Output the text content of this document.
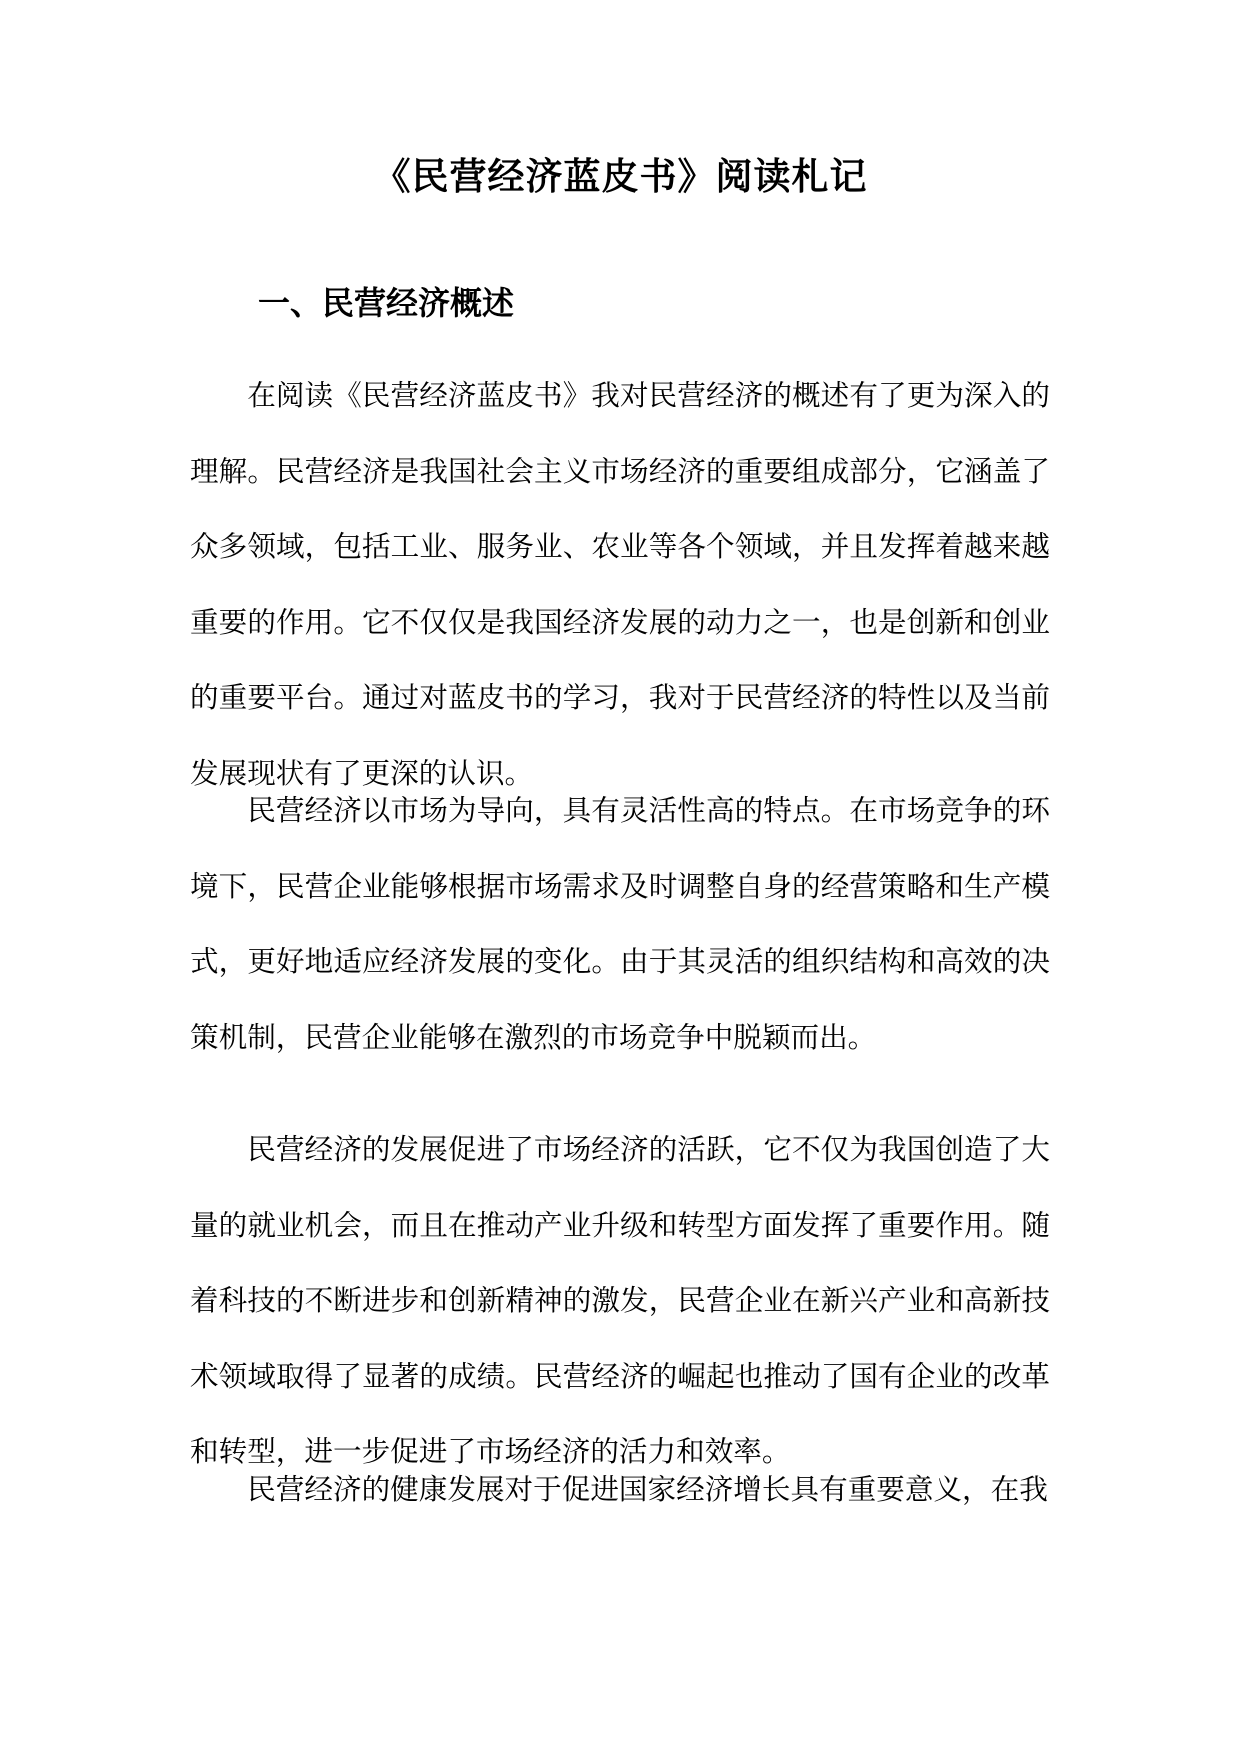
《民营经济蓝皮书》阅读札记
一、民营经济概述

在阅读《民营经济蓝皮书》我对民营经济的概述有了更为深入的理解。民营经济是我国社会主义市场经济的重要组成部分，它涵盖了众多领域，包括工业、服务业、农业等各个领域，并且发挥着越来越重要的作用。它不仅仅是我国经济发展的动力之一，也是创新和创业的重要平台。通过对蓝皮书的学习，我对于民营经济的特性以及当前发展现状有了更深的认识。

民营经济以市场为导向，具有灵活性高的特点。在市场竞争的环境下，民营企业能够根据市场需求及时调整自身的经营策略和生产模式，更好地适应经济发展的变化。由于其灵活的组织结构和高效的决策机制，民营企业能够在激烈的市场竞争中脱颖而出。

民营经济的发展促进了市场经济的活跃，它不仅为我国创造了大量的就业机会，而且在推动产业升级和转型方面发挥了重要作用。随着科技的不断进步和创新精神的激发，民营企业在新兴产业和高新技术领域取得了显著的成绩。民营经济的崛起也推动了国有企业的改革和转型，进一步促进了市场经济的活力和效率。

民营经济的健康发展对于促进国家经济增长具有重要意义，在我
